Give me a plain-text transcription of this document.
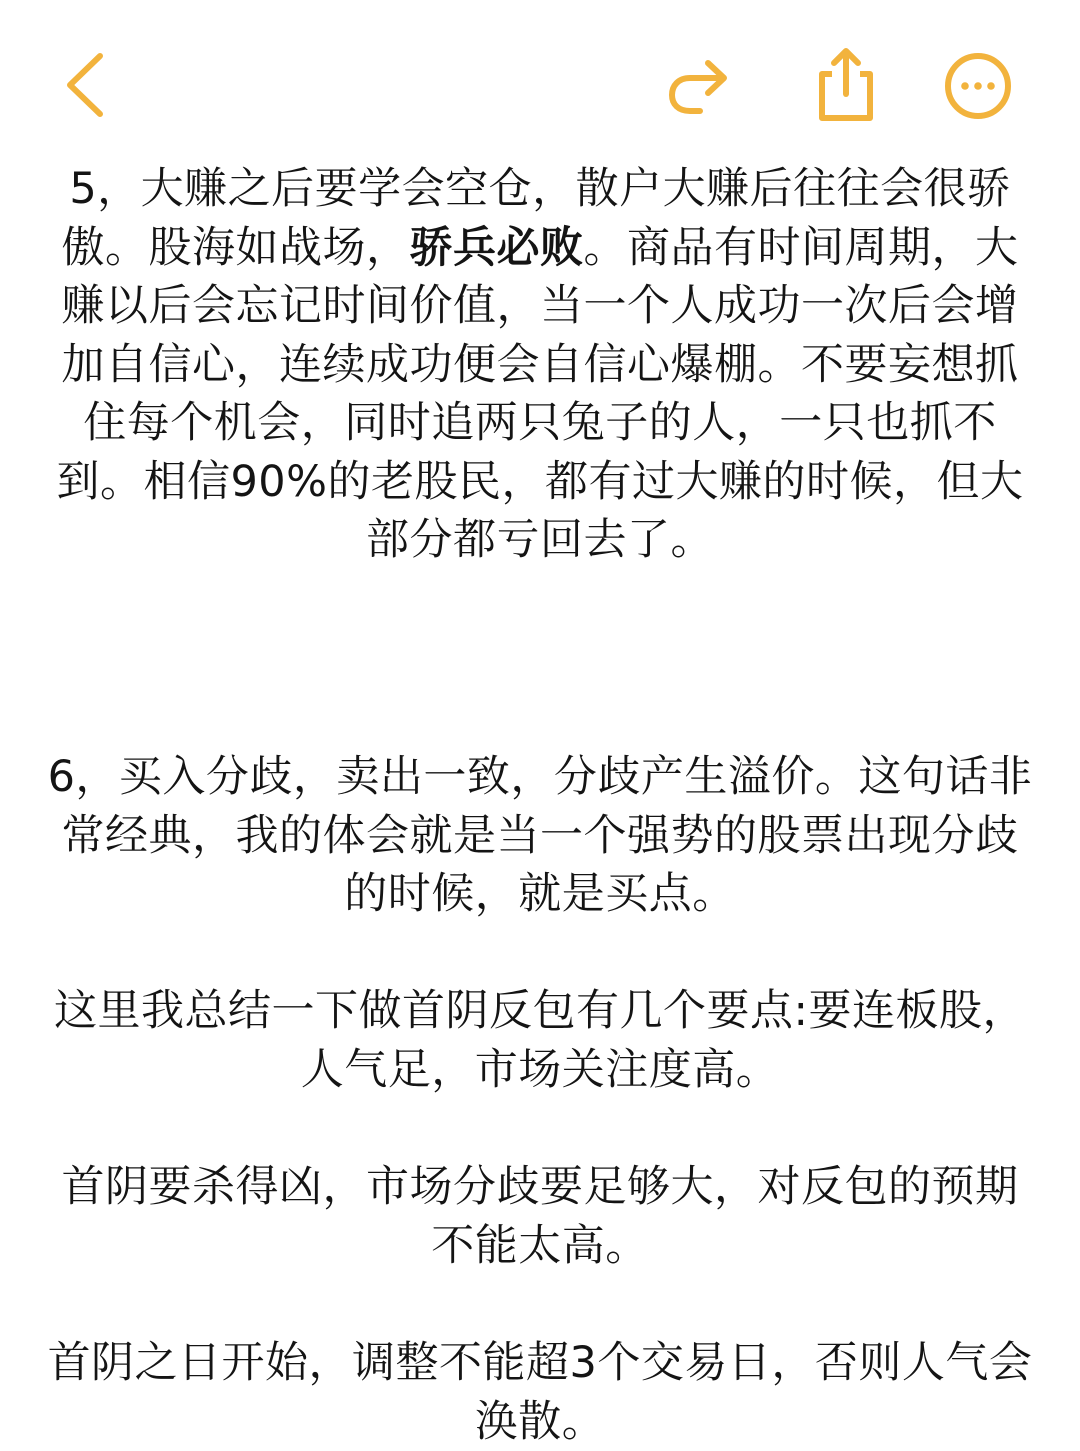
5，大赚之后要学会空仓，散户大赚后往往会很骄傲。股海如战场，骄兵必败。商品有时间周期，大赚以后会忘记时间价值，当一个人成功一次后会增加自信心，连续成功便会自信心爆棚。不要妄想抓住每个机会，同时追两只兔子的人，一只也抓不到。相信90%的老股民，都有过大赚的时候，但大部分都亏回去了。

6，买入分歧，卖出一致，分歧产生溢价。这句话非常经典，我的体会就是当一个强势的股票出现分歧的时候，就是买点。

这里我总结一下做首阴反包有几个要点:要连板股，人气足，市场关注度高。

首阴要杀得凶，市场分歧要足够大，对反包的预期不能太高。

首阴之日开始，调整不能超3个交易日，否则人气会涣散。
